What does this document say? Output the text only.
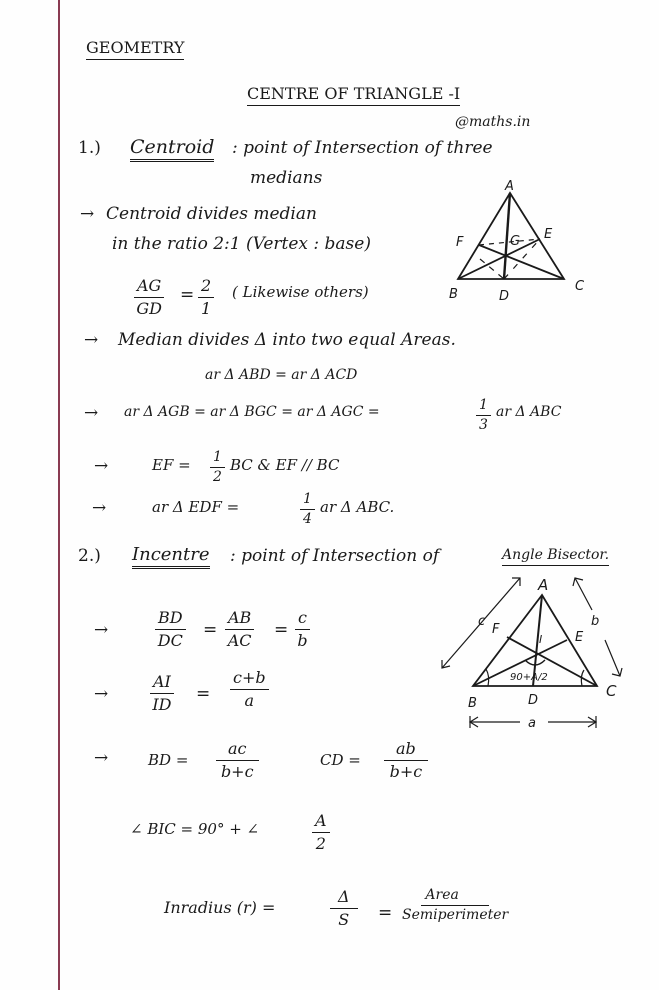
GEOMETRY
CENTRE OF TRIANGLE -I
@maths.in
1.) Centroid : point of Intersection of three
medians
→ Centroid divides median
in the ratio 2:1 (Vertex : base)
$\frac{AG}{GD} = \frac{2}{1}$ ( Likewise others)
→ Median divides Δ into two equal Areas.
ar Δ ABD = ar Δ ACD
→ ar Δ AGB = ar Δ BGC = ar Δ AGC =	$\frac{1}{3}$ ar Δ ABC
→	EF = $\frac{1}{2}$ BC & EF // BC
→	ar Δ EDF =	$\frac{1}{4}$ ar Δ ABC.
2.) Incentre : point of Intersection of	Angle Bisector.
→	$\frac{BD}{DC} = \frac{AB}{AC} = \frac{c}{b}$
→	$\frac{AI}{ID} = \frac{c+b}{a}$
→	BD = $\frac{ac}{b+c}$	CD = $\frac{ab}{b+c}$
∠ BIC = 90° + ∠	$\frac{A}{2}$
Inradius (r) =	$\frac{\Delta}{S}$ =
Area
Semiperimeter
A
B
C
D
E
F	G
A
B
C
D
E
F
I
c	b
a
90+A/2
